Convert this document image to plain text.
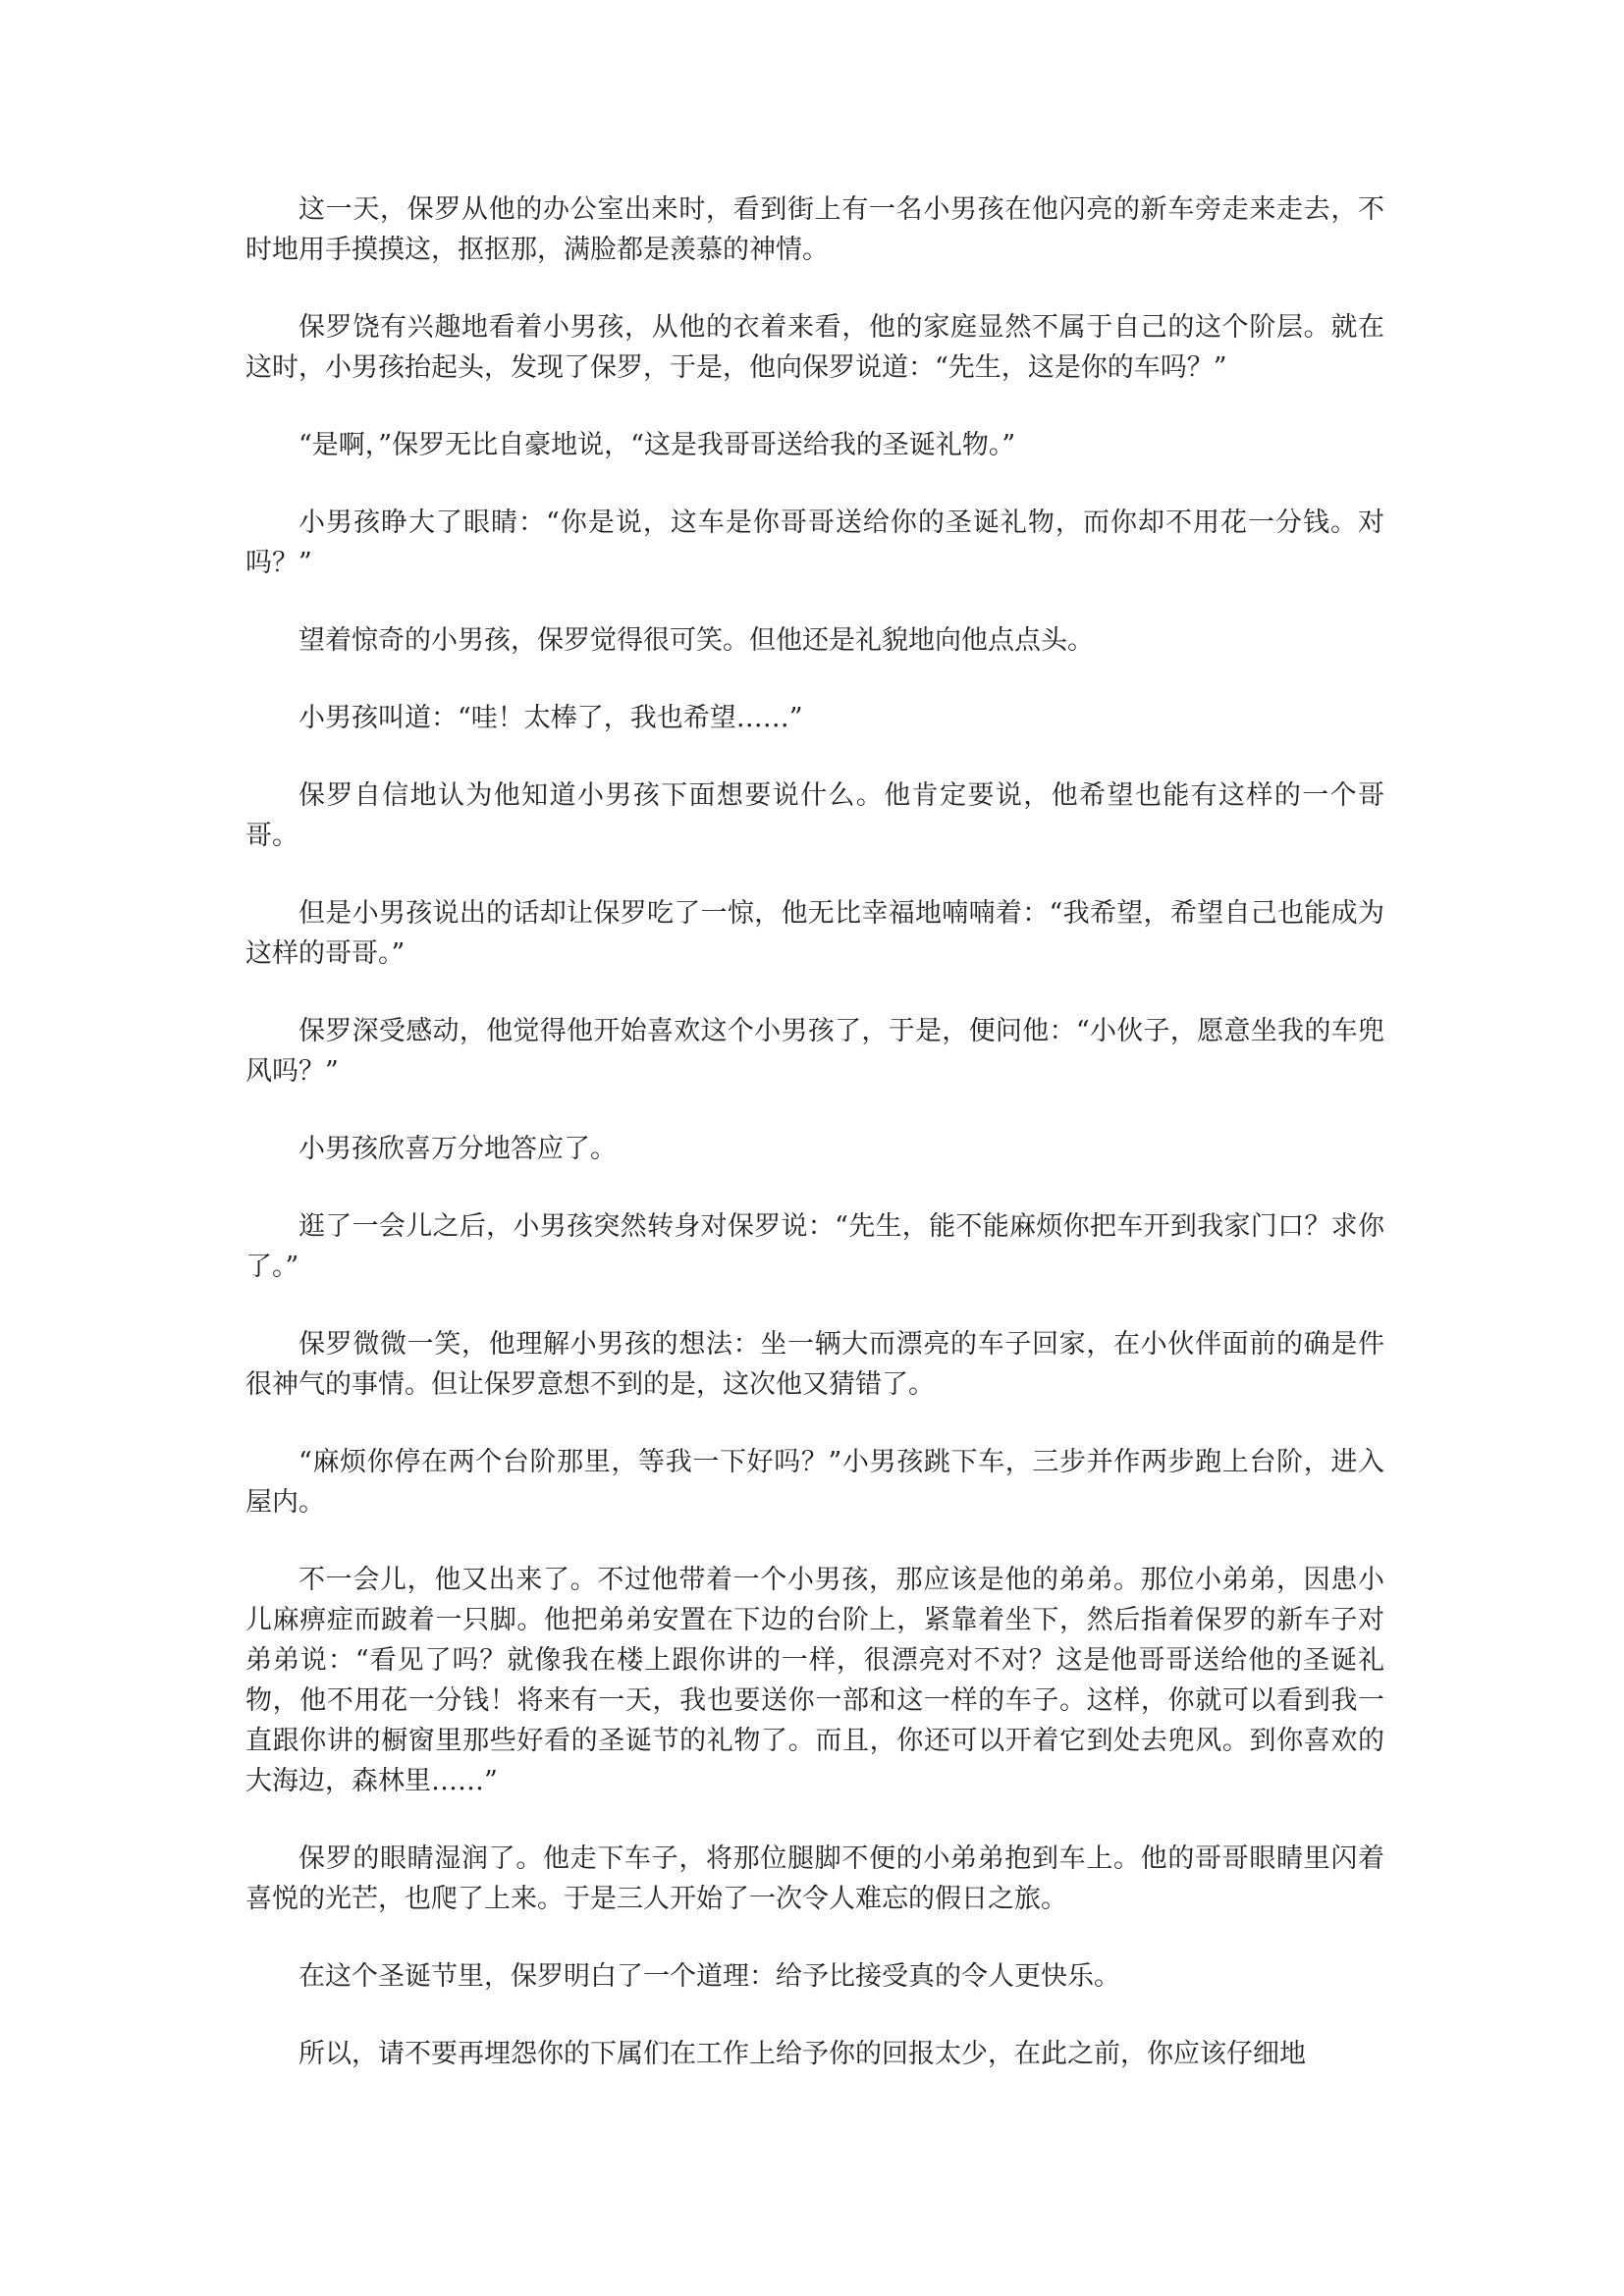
这一天，保罗从他的办公室出来时，看到街上有一名小男孩在他闪亮的新车旁走来走去，不时地用手摸摸这，抠抠那，满脸都是羡慕的神情。

保罗饶有兴趣地看着小男孩，从他的衣着来看，他的家庭显然不属于自己的这个阶层。就在这时，小男孩抬起头，发现了保罗，于是，他向保罗说道：“先生，这是你的车吗？”

“是啊，”保罗无比自豪地说，“这是我哥哥送给我的圣诞礼物。”

小男孩睁大了眼睛：“你是说，这车是你哥哥送给你的圣诞礼物，而你却不用花一分钱。对吗？”

望着惊奇的小男孩，保罗觉得很可笑。但他还是礼貌地向他点点头。

小男孩叫道：“哇！太棒了，我也希望……”

保罗自信地认为他知道小男孩下面想要说什么。他肯定要说，他希望也能有这样的一个哥哥。

但是小男孩说出的话却让保罗吃了一惊，他无比幸福地喃喃着：“我希望，希望自己也能成为这样的哥哥。”

保罗深受感动，他觉得他开始喜欢这个小男孩了，于是，便问他：“小伙子，愿意坐我的车兜风吗？”

小男孩欣喜万分地答应了。

逛了一会儿之后，小男孩突然转身对保罗说：“先生，能不能麻烦你把车开到我家门口？求你了。”

保罗微微一笑，他理解小男孩的想法：坐一辆大而漂亮的车子回家，在小伙伴面前的确是件很神气的事情。但让保罗意想不到的是，这次他又猜错了。

“麻烦你停在两个台阶那里，等我一下好吗？”小男孩跳下车，三步并作两步跑上台阶，进入屋内。

不一会儿，他又出来了。不过他带着一个小男孩，那应该是他的弟弟。那位小弟弟，因患小儿麻痹症而跛着一只脚。他把弟弟安置在下边的台阶上，紧靠着坐下，然后指着保罗的新车子对弟弟说：“看见了吗？就像我在楼上跟你讲的一样，很漂亮对不对？这是他哥哥送给他的圣诞礼物，他不用花一分钱！将来有一天，我也要送你一部和这一样的车子。这样，你就可以看到我一直跟你讲的橱窗里那些好看的圣诞节的礼物了。而且，你还可以开着它到处去兜风。到你喜欢的大海边，森林里……”

保罗的眼睛湿润了。他走下车子，将那位腿脚不便的小弟弟抱到车上。他的哥哥眼睛里闪着喜悦的光芒，也爬了上来。于是三人开始了一次令人难忘的假日之旅。

在这个圣诞节里，保罗明白了一个道理：给予比接受真的令人更快乐。

所以，请不要再埋怨你的下属们在工作上给予你的回报太少，在此之前，你应该仔细地
